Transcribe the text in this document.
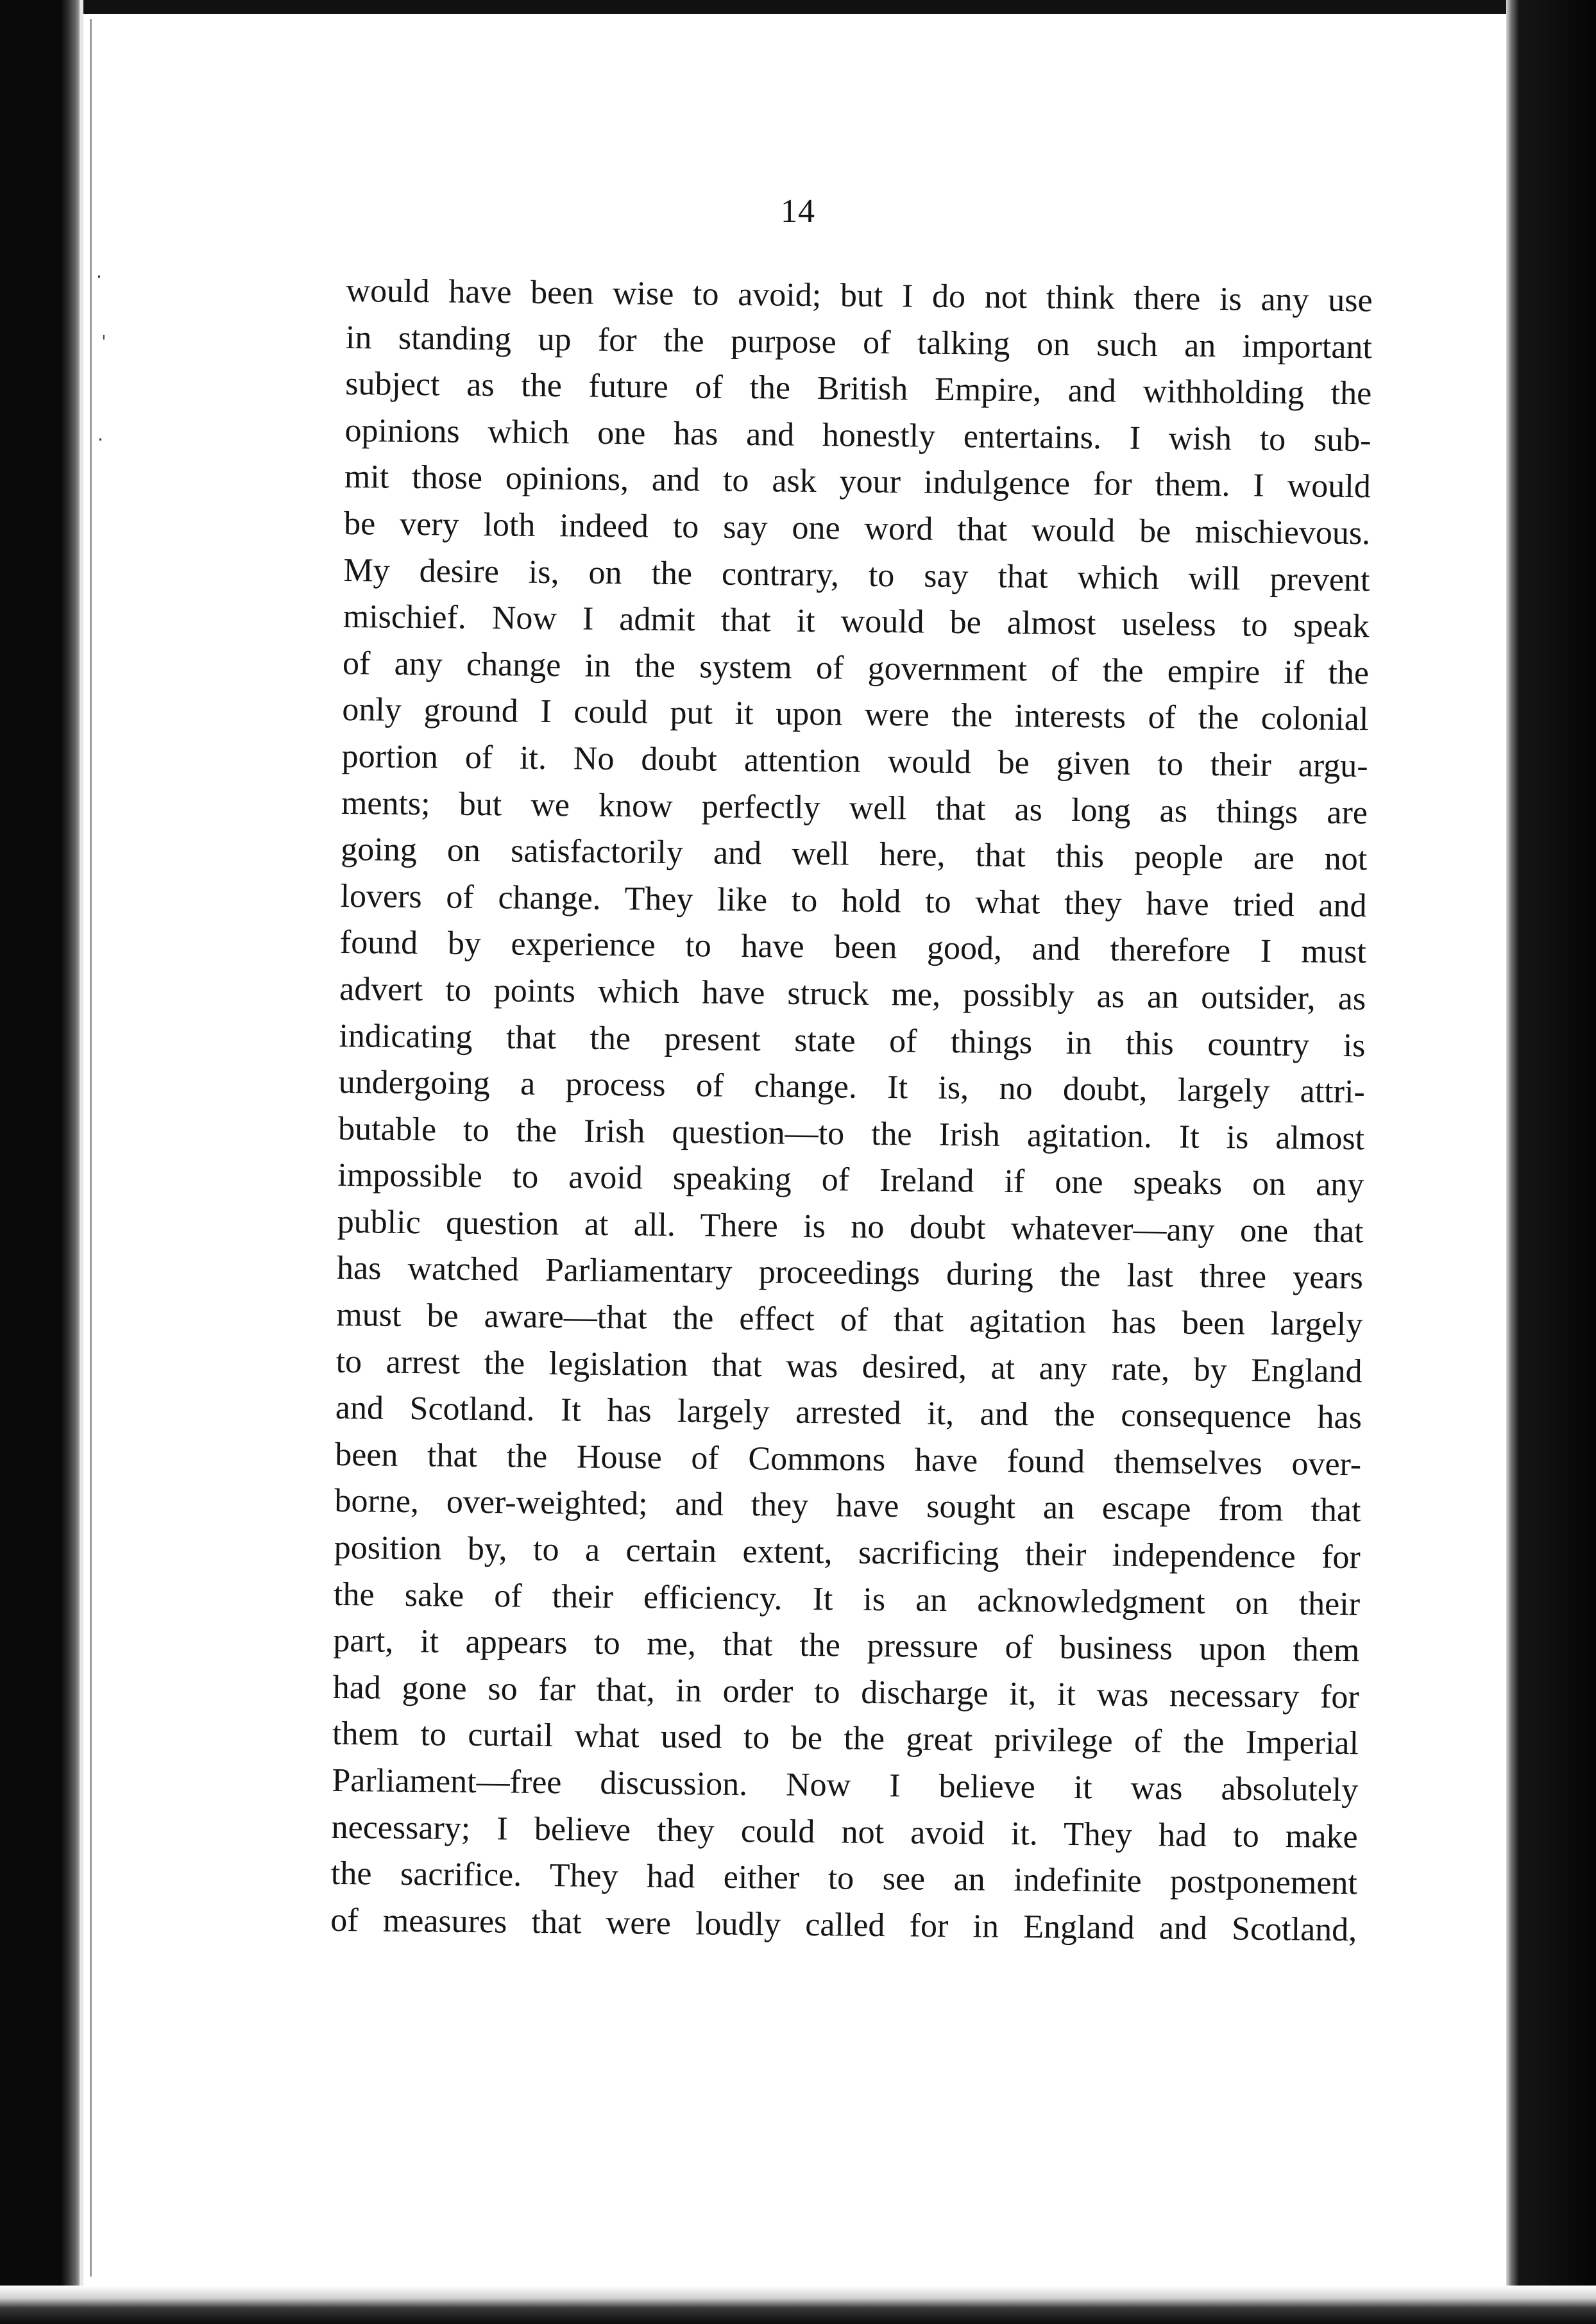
·
ˈ
·
14
would have been wise to avoid; but I do not think there is any use
in standing up for the purpose of talking on such an important
subject as the future of the British Empire, and withholding the
opinions which one has and honestly entertains. I wish to sub-
mit those opinions, and to ask your indulgence for them. I would
be very loth indeed to say one word that would be mischievous.
My desire is, on the contrary, to say that which will prevent
mischief. Now I admit that it would be almost useless to speak
of any change in the system of government of the empire if the
only ground I could put it upon were the interests of the colonial
portion of it. No doubt attention would be given to their argu-
ments; but we know perfectly well that as long as things are
going on satisfactorily and well here, that this people are not
lovers of change. They like to hold to what they have tried and
found by experience to have been good, and therefore I must
advert to points which have struck me, possibly as an outsider, as
indicating that the present state of things in this country is
undergoing a process of change. It is, no doubt, largely attri-
butable to the Irish question—to the Irish agitation. It is almost
impossible to avoid speaking of Ireland if one speaks on any
public question at all. There is no doubt whatever—any one that
has watched Parliamentary proceedings during the last three years
must be aware—that the effect of that agitation has been largely
to arrest the legislation that was desired, at any rate, by England
and Scotland. It has largely arrested it, and the consequence has
been that the House of Commons have found themselves over-
borne, over-weighted; and they have sought an escape from that
position by, to a certain extent, sacrificing their independence for
the sake of their efficiency. It is an acknowledgment on their
part, it appears to me, that the pressure of business upon them
had gone so far that, in order to discharge it, it was necessary for
them to curtail what used to be the great privilege of the Imperial
Parliament—free discussion. Now I believe it was absolutely
necessary; I believe they could not avoid it. They had to make
the sacrifice. They had either to see an indefinite postponement
of measures that were loudly called for in England and Scotland,
